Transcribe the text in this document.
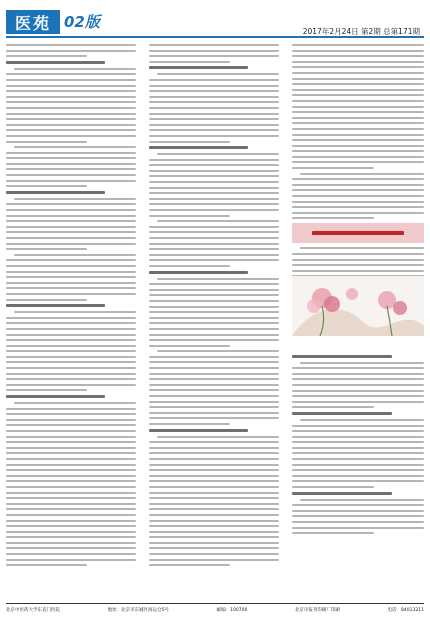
医苑 02版
2017年2月24日 第2期 总第171期
北京中医药大学东直门医院	地址：北京市东城区海运仓5号	邮编：100700	北京市报刊印刷厂印刷	电话：84013211
